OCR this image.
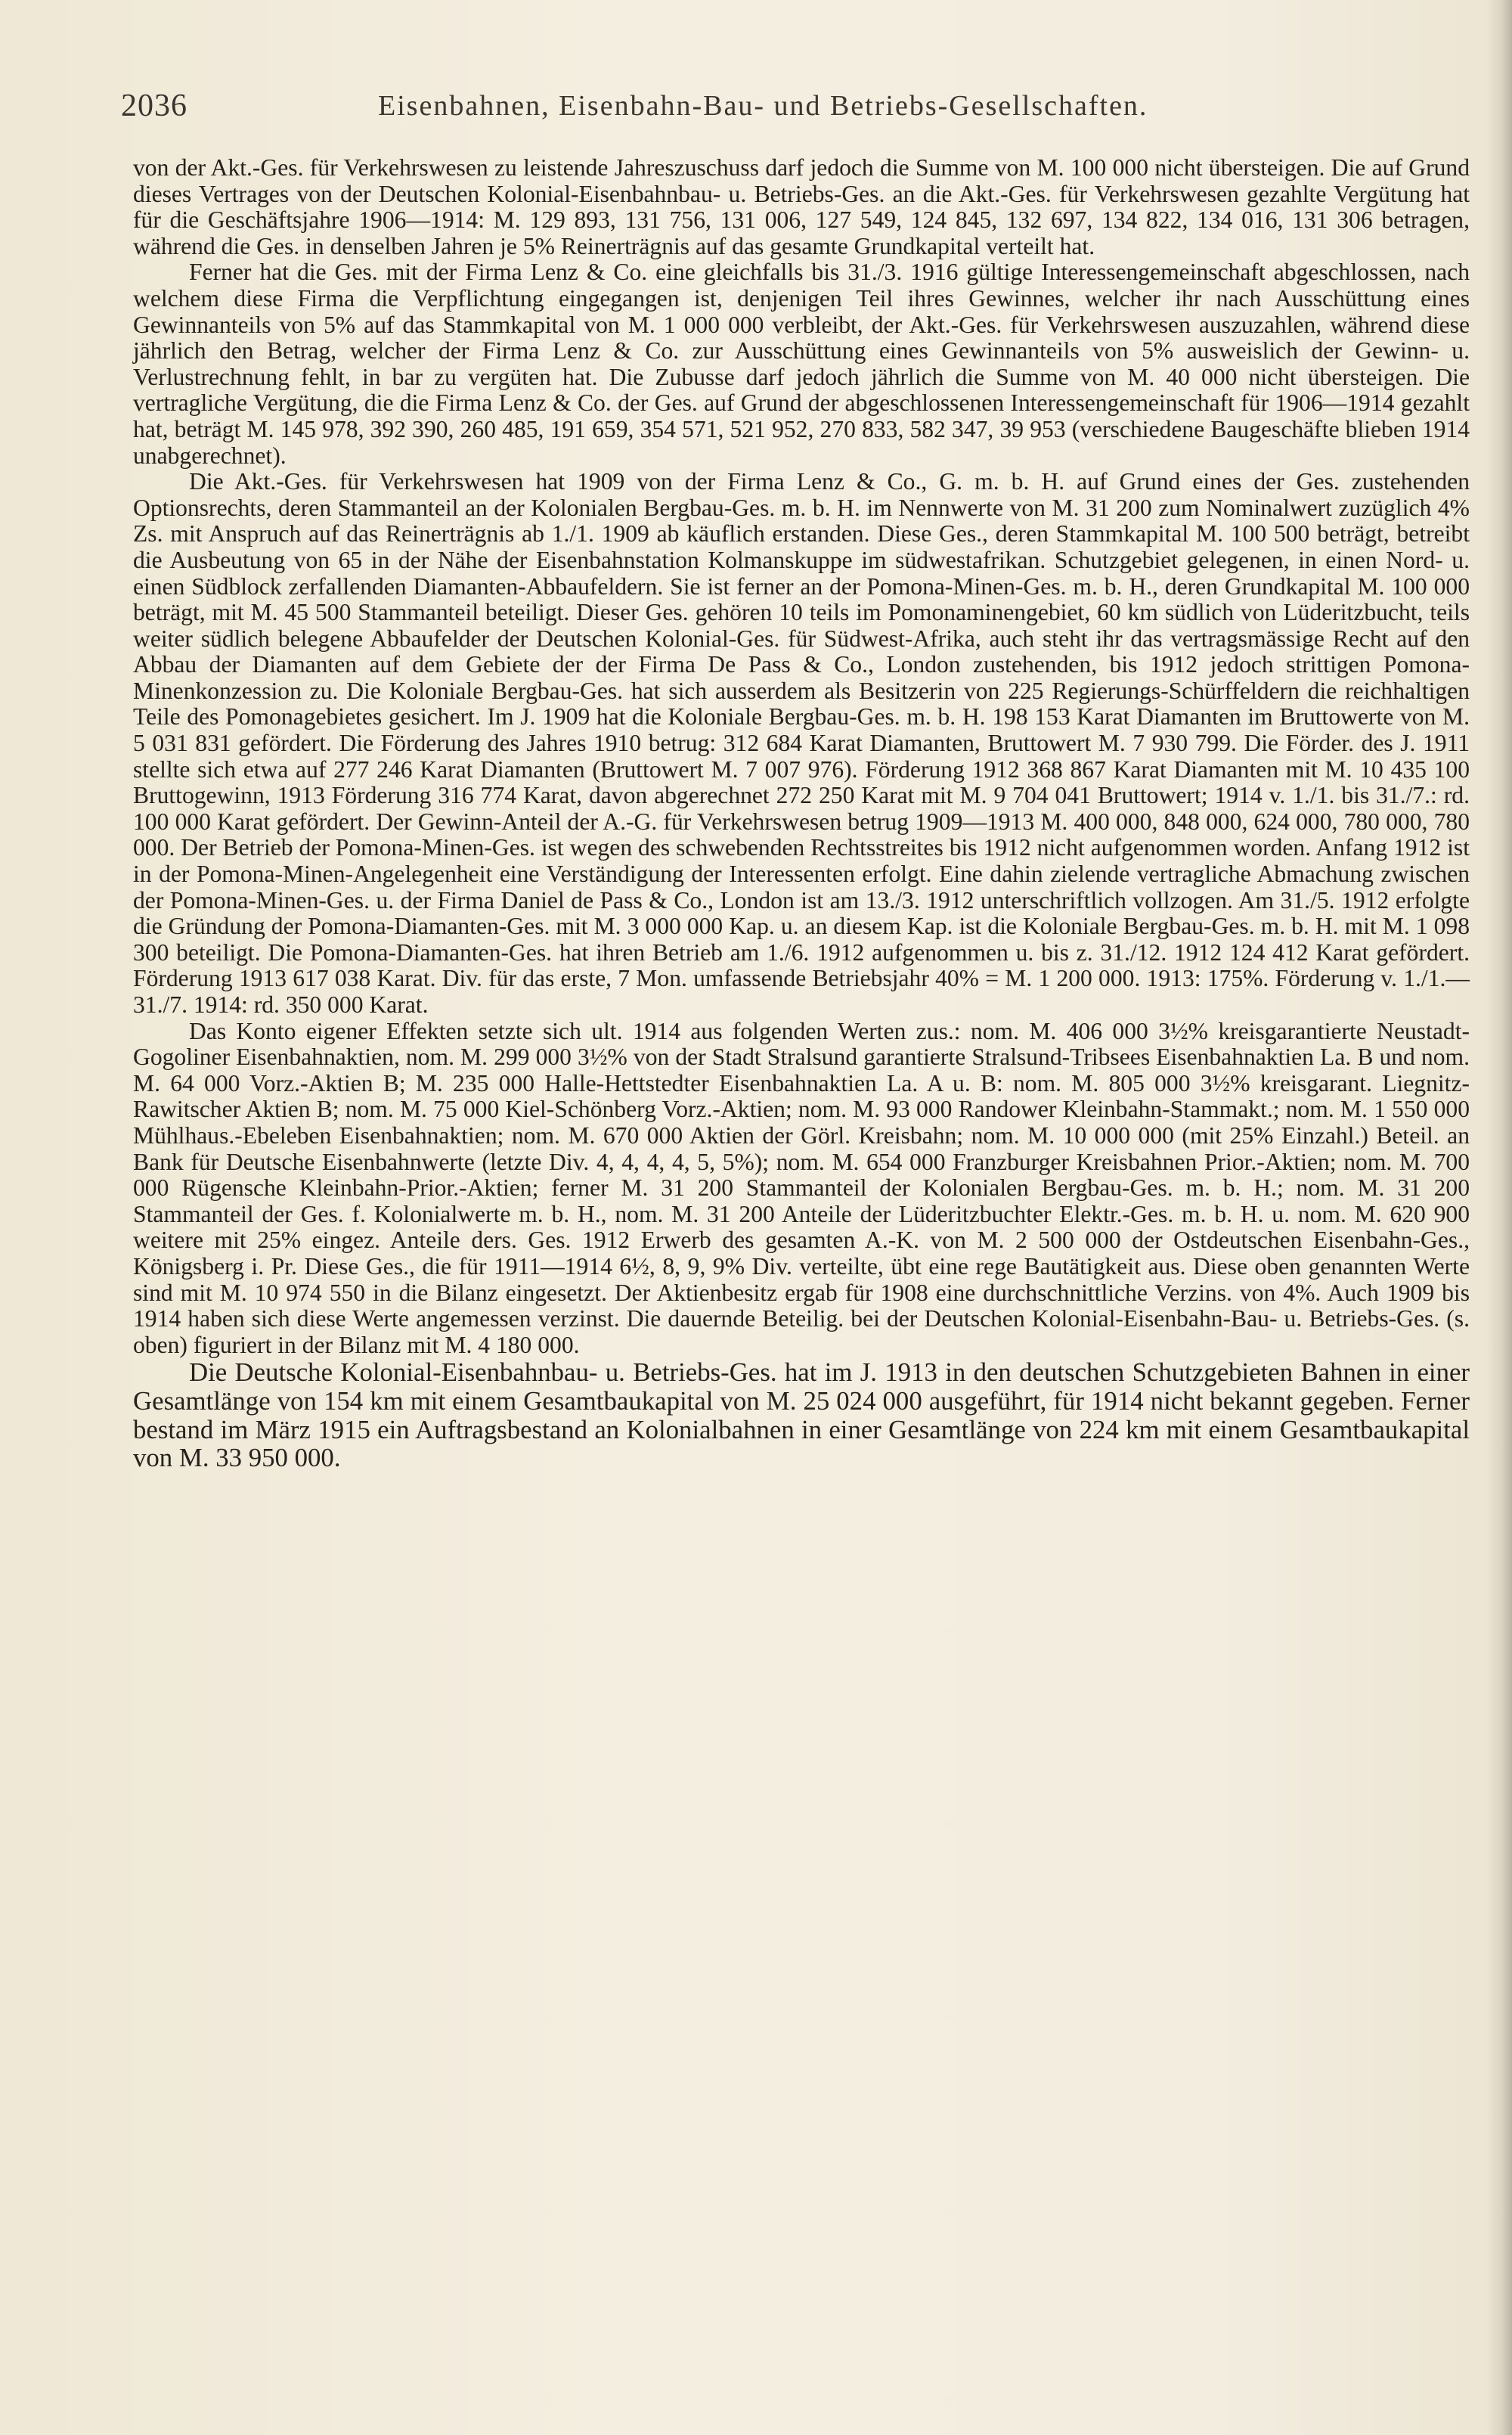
2036	Eisenbahnen, Eisenbahn-Bau- und Betriebs-Gesellschaften.

von der Akt.-Ges. für Verkehrswesen zu leistende Jahreszuschuss darf jedoch die Summe von M. 100 000 nicht übersteigen. Die auf Grund dieses Vertrages von der Deutschen Kolonial-Eisenbahnbau- u. Betriebs-Ges. an die Akt.-Ges. für Verkehrswesen gezahlte Vergütung hat für die Geschäftsjahre 1906—1914: M. 129 893, 131 756, 131 006, 127 549, 124 845, 132 697, 134 822, 134 016, 131 306 betragen, während die Ges. in denselben Jahren je 5% Reinerträgnis auf das gesamte Grundkapital verteilt hat.

Ferner hat die Ges. mit der Firma Lenz & Co. eine gleichfalls bis 31./3. 1916 gültige Interessengemeinschaft abgeschlossen, nach welchem diese Firma die Verpflichtung eingegangen ist, denjenigen Teil ihres Gewinnes, welcher ihr nach Ausschüttung eines Gewinnanteils von 5% auf das Stammkapital von M. 1 000 000 verbleibt, der Akt.-Ges. für Verkehrswesen auszuzahlen, während diese jährlich den Betrag, welcher der Firma Lenz & Co. zur Ausschüttung eines Gewinnanteils von 5% ausweislich der Gewinn- u. Verlustrechnung fehlt, in bar zu vergüten hat. Die Zubusse darf jedoch jährlich die Summe von M. 40 000 nicht übersteigen. Die vertragliche Vergütung, die die Firma Lenz & Co. der Ges. auf Grund der abgeschlossenen Interessengemeinschaft für 1906—1914 gezahlt hat, beträgt M. 145 978, 392 390, 260 485, 191 659, 354 571, 521 952, 270 833, 582 347, 39 953 (verschiedene Baugeschäfte blieben 1914 unabgerechnet).

Die Akt.-Ges. für Verkehrswesen hat 1909 von der Firma Lenz & Co., G. m. b. H. auf Grund eines der Ges. zustehenden Optionsrechts, deren Stammanteil an der Kolonialen Bergbau-Ges. m. b. H. im Nennwerte von M. 31 200 zum Nominalwert zuzüglich 4% Zs. mit Anspruch auf das Reinerträgnis ab 1./1. 1909 ab käuflich erstanden. Diese Ges., deren Stammkapital M. 100 500 beträgt, betreibt die Ausbeutung von 65 in der Nähe der Eisenbahnstation Kolmanskuppe im südwestafrikan. Schutzgebiet gelegenen, in einen Nord- u. einen Südblock zerfallenden Diamanten-Abbaufeldern. Sie ist ferner an der Pomona-Minen-Ges. m. b. H., deren Grundkapital M. 100 000 beträgt, mit M. 45 500 Stammanteil beteiligt. Dieser Ges. gehören 10 teils im Pomonaminengebiet, 60 km südlich von Lüderitzbucht, teils weiter südlich belegene Abbaufelder der Deutschen Kolonial-Ges. für Südwest-Afrika, auch steht ihr das vertragsmässige Recht auf den Abbau der Diamanten auf dem Gebiete der der Firma De Pass & Co., London zustehenden, bis 1912 jedoch strittigen Pomona-Minenkonzession zu. Die Koloniale Bergbau-Ges. hat sich ausserdem als Besitzerin von 225 Regierungs-Schürffeldern die reichhaltigen Teile des Pomonagebietes gesichert. Im J. 1909 hat die Koloniale Bergbau-Ges. m. b. H. 198 153 Karat Diamanten im Bruttowerte von M. 5 031 831 gefördert. Die Förderung des Jahres 1910 betrug: 312 684 Karat Diamanten, Bruttowert M. 7 930 799. Die Förder. des J. 1911 stellte sich etwa auf 277 246 Karat Diamanten (Bruttowert M. 7 007 976). Förderung 1912 368 867 Karat Diamanten mit M. 10 435 100 Bruttogewinn, 1913 Förderung 316 774 Karat, davon abgerechnet 272 250 Karat mit M. 9 704 041 Bruttowert; 1914 v. 1./1. bis 31./7.: rd. 100 000 Karat gefördert. Der Gewinn-Anteil der A.-G. für Verkehrswesen betrug 1909—1913 M. 400 000, 848 000, 624 000, 780 000, 780 000. Der Betrieb der Pomona-Minen-Ges. ist wegen des schwebenden Rechtsstreites bis 1912 nicht aufgenommen worden. Anfang 1912 ist in der Pomona-Minen-Angelegenheit eine Verständigung der Interessenten erfolgt. Eine dahin zielende vertragliche Abmachung zwischen der Pomona-Minen-Ges. u. der Firma Daniel de Pass & Co., London ist am 13./3. 1912 unterschriftlich vollzogen. Am 31./5. 1912 erfolgte die Gründung der Pomona-Diamanten-Ges. mit M. 3 000 000 Kap. u. an diesem Kap. ist die Koloniale Bergbau-Ges. m. b. H. mit M. 1 098 300 beteiligt. Die Pomona-Diamanten-Ges. hat ihren Betrieb am 1./6. 1912 aufgenommen u. bis z. 31./12. 1912 124 412 Karat gefördert. Förderung 1913 617 038 Karat. Div. für das erste, 7 Mon. umfassende Betriebsjahr 40% = M. 1 200 000. 1913: 175%. Förderung v. 1./1.—31./7. 1914: rd. 350 000 Karat.

Das Konto eigener Effekten setzte sich ult. 1914 aus folgenden Werten zus.: nom. M. 406 000 3½% kreisgarantierte Neustadt-Gogoliner Eisenbahnaktien, nom. M. 299 000 3½% von der Stadt Stralsund garantierte Stralsund-Tribsees Eisenbahnaktien La. B und nom. M. 64 000 Vorz.-Aktien B; M. 235 000 Halle-Hettstedter Eisenbahnaktien La. A u. B: nom. M. 805 000 3½% kreisgarant. Liegnitz-Rawitscher Aktien B; nom. M. 75 000 Kiel-Schönberg Vorz.-Aktien; nom. M. 93 000 Randower Kleinbahn-Stammakt.; nom. M. 1 550 000 Mühlhaus.-Ebeleben Eisenbahnaktien; nom. M. 670 000 Aktien der Görl. Kreisbahn; nom. M. 10 000 000 (mit 25% Einzahl.) Beteil. an Bank für Deutsche Eisenbahnwerte (letzte Div. 4, 4, 4, 4, 5, 5%); nom. M. 654 000 Franzburger Kreisbahnen Prior.-Aktien; nom. M. 700 000 Rügensche Kleinbahn-Prior.-Aktien; ferner M. 31 200 Stammanteil der Kolonialen Bergbau-Ges. m. b. H.; nom. M. 31 200 Stammanteil der Ges. f. Kolonialwerte m. b. H., nom. M. 31 200 Anteile der Lüderitzbuchter Elektr.-Ges. m. b. H. u. nom. M. 620 900 weitere mit 25% eingez. Anteile ders. Ges. 1912 Erwerb des gesamten A.-K. von M. 2 500 000 der Ostdeutschen Eisenbahn-Ges., Königsberg i. Pr. Diese Ges., die für 1911—1914 6½, 8, 9, 9% Div. verteilte, übt eine rege Bautätigkeit aus. Diese oben genannten Werte sind mit M. 10 974 550 in die Bilanz eingesetzt. Der Aktienbesitz ergab für 1908 eine durchschnittliche Verzins. von 4%. Auch 1909 bis 1914 haben sich diese Werte angemessen verzinst. Die dauernde Beteilig. bei der Deutschen Kolonial-Eisenbahn-Bau- u. Betriebs-Ges. (s. oben) figuriert in der Bilanz mit M. 4 180 000.

Die Deutsche Kolonial-Eisenbahnbau- u. Betriebs-Ges. hat im J. 1913 in den deutschen Schutzgebieten Bahnen in einer Gesamtlänge von 154 km mit einem Gesamtbaukapital von M. 25 024 000 ausgeführt, für 1914 nicht bekannt gegeben. Ferner bestand im März 1915 ein Auftragsbestand an Kolonialbahnen in einer Gesamtlänge von 224 km mit einem Gesamtbaukapital von M. 33 950 000.
